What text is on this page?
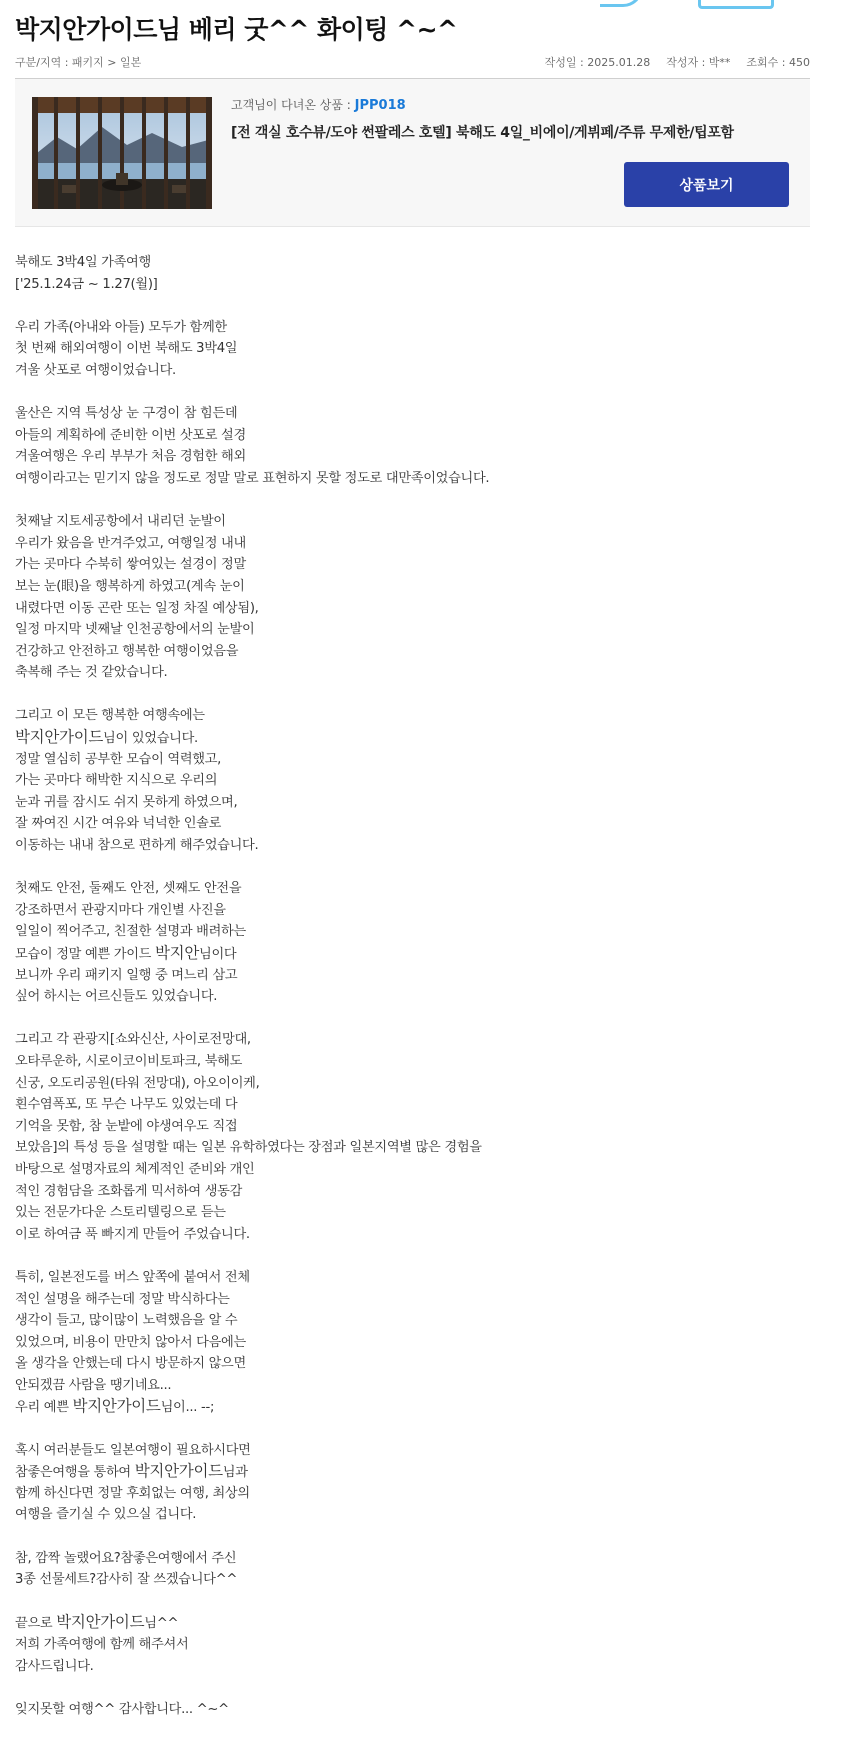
박지안가이드님 베리 굿^^ 화이팅 ^~^
구분/지역 : 패키지 > 일본	작성일 : 2025.01.28 작성자 : 박** 조회수 : 450
고객님이 다녀온 상품 : JPP018
[전 객실 호수뷰/도야 썬팔레스 호텔] 북해도 4일_비에이/게뷔페/주류 무제한/팁포함
상품보기
북해도 3박4일 가족여행
['25.1.24금 ~ 1.27(월)]
우리 가족(아내와 아들) 모두가 함께한
첫 번째 해외여행이 이번 북해도 3박4일
겨울 삿포로 여행이었습니다.
울산은 지역 특성상 눈 구경이 참 힘든데
아들의 계획하에 준비한 이번 삿포로 설경
겨울여행은 우리 부부가 처음 경험한 해외
여행이라고는 믿기지 않을 정도로 정말 말로 표현하지 못할 정도로 대만족이었습니다.
첫째날 지토세공항에서 내리던 눈발이
우리가 왔음을 반겨주었고, 여행일정 내내
가는 곳마다 수북히 쌓여있는 설경이 정말
보는 눈(眼)을 행복하게 하였고(계속 눈이
내렸다면 이동 곤란 또는 일정 차질 예상됨),
일정 마지막 넷째날 인천공항에서의 눈발이
건강하고 안전하고 행복한 여행이었음을
축복해 주는 것 같았습니다.
그리고 이 모든 행복한 여행속에는
박지안가이드님이 있었습니다.
정말 열심히 공부한 모습이 역력했고,
가는 곳마다 해박한 지식으로 우리의
눈과 귀를 잠시도 쉬지 못하게 하였으며,
잘 짜여진 시간 여유와 넉넉한 인솔로
이동하는 내내 참으로 편하게 해주었습니다.
첫째도 안전, 둘째도 안전, 셋째도 안전을
강조하면서 관광지마다 개인별 사진을
일일이 찍어주고, 친절한 설명과 배려하는
모습이 정말 예쁜 가이드 박지안님이다
보니까 우리 패키지 일행 중 며느리 삼고
싶어 하시는 어르신들도 있었습니다.
그리고 각 관광지[쇼와신산, 사이로전망대,
오타루운하, 시로이코이비토파크, 북해도
신궁, 오도리공원(타워 전망대), 아오이이케,
흰수염폭포, 또 무슨 나무도 있었는데 다
기억을 못함, 참 눈밭에 야생여우도 직접
보았음]의 특성 등을 설명할 때는 일본 유학하였다는 장점과 일본지역별 많은 경험을
바탕으로 설명자료의 체계적인 준비와 개인
적인 경험담을 조화롭게 믹서하여 생동감
있는 전문가다운 스토리텔링으로 듣는
이로 하여금 푹 빠지게 만들어 주었습니다.
특히, 일본전도를 버스 앞쪽에 붙여서 전체
적인 설명을 해주는데 정말 박식하다는
생각이 들고, 많이많이 노력했음을 알 수
있었으며, 비용이 만만치 않아서 다음에는
올 생각을 안했는데 다시 방문하지 않으면
안되겠끔 사람을 땡기네요...
우리 예쁜 박지안가이드님이... --;
혹시 여러분들도 일본여행이 필요하시다면
참좋은여행을 통하여 박지안가이드님과
함께 하신다면 정말 후회없는 여행, 최상의
여행을 즐기실 수 있으실 겁니다.
참, 깜짝 놀랬어요?참좋은여행에서 주신
3종 선물세트?감사히 잘 쓰겠습니다^^
끝으로 박지안가이드님^^
저희 가족여행에 함께 해주셔서
감사드립니다.
잊지못할 여행^^ 감사합니다... ^~^
